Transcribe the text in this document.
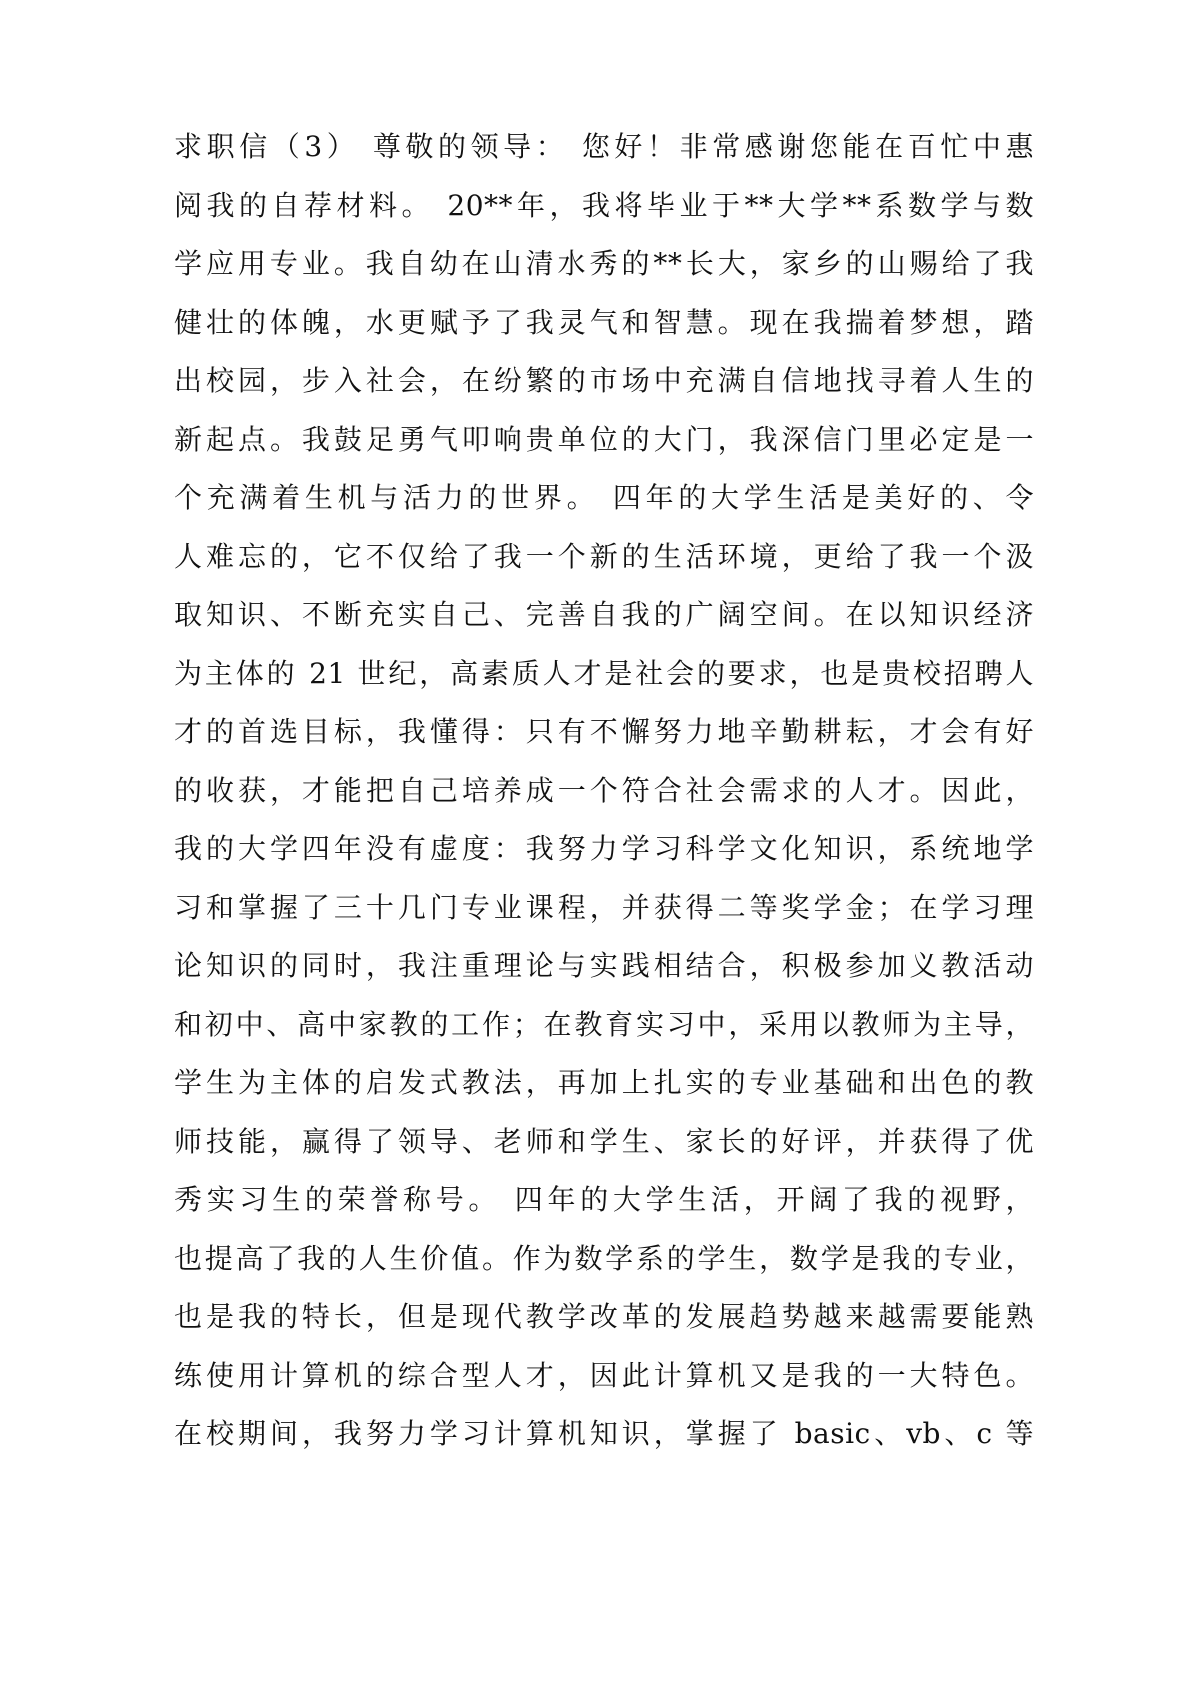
求职信（3） 尊敬的领导： 您好！非常感谢您能在百忙中惠
阅我的自荐材料。 20**年，我将毕业于**大学**系数学与数
学应用专业。我自幼在山清水秀的**长大，家乡的山赐给了我
健壮的体魄，水更赋予了我灵气和智慧。现在我揣着梦想，踏
出校园，步入社会，在纷繁的市场中充满自信地找寻着人生的
新起点。我鼓足勇气叩响贵单位的大门，我深信门里必定是一
个充满着生机与活力的世界。 四年的大学生活是美好的、令
人难忘的，它不仅给了我一个新的生活环境，更给了我一个汲
取知识、不断充实自己、完善自我的广阔空间。在以知识经济
为主体的 21 世纪，高素质人才是社会的要求，也是贵校招聘人
才的首选目标，我懂得：只有不懈努力地辛勤耕耘，才会有好
的收获，才能把自己培养成一个符合社会需求的人才。因此，
我的大学四年没有虚度：我努力学习科学文化知识，系统地学
习和掌握了三十几门专业课程，并获得二等奖学金；在学习理
论知识的同时，我注重理论与实践相结合，积极参加义教活动
和初中、高中家教的工作；在教育实习中，采用以教师为主导，
学生为主体的启发式教法，再加上扎实的专业基础和出色的教
师技能，赢得了领导、老师和学生、家长的好评，并获得了优
秀实习生的荣誉称号。 四年的大学生活，开阔了我的视野，
也提高了我的人生价值。作为数学系的学生，数学是我的专业，
也是我的特长，但是现代教学改革的发展趋势越来越需要能熟
练使用计算机的综合型人才，因此计算机又是我的一大特色。
在校期间，我努力学习计算机知识，掌握了 basic、vb、c 等
